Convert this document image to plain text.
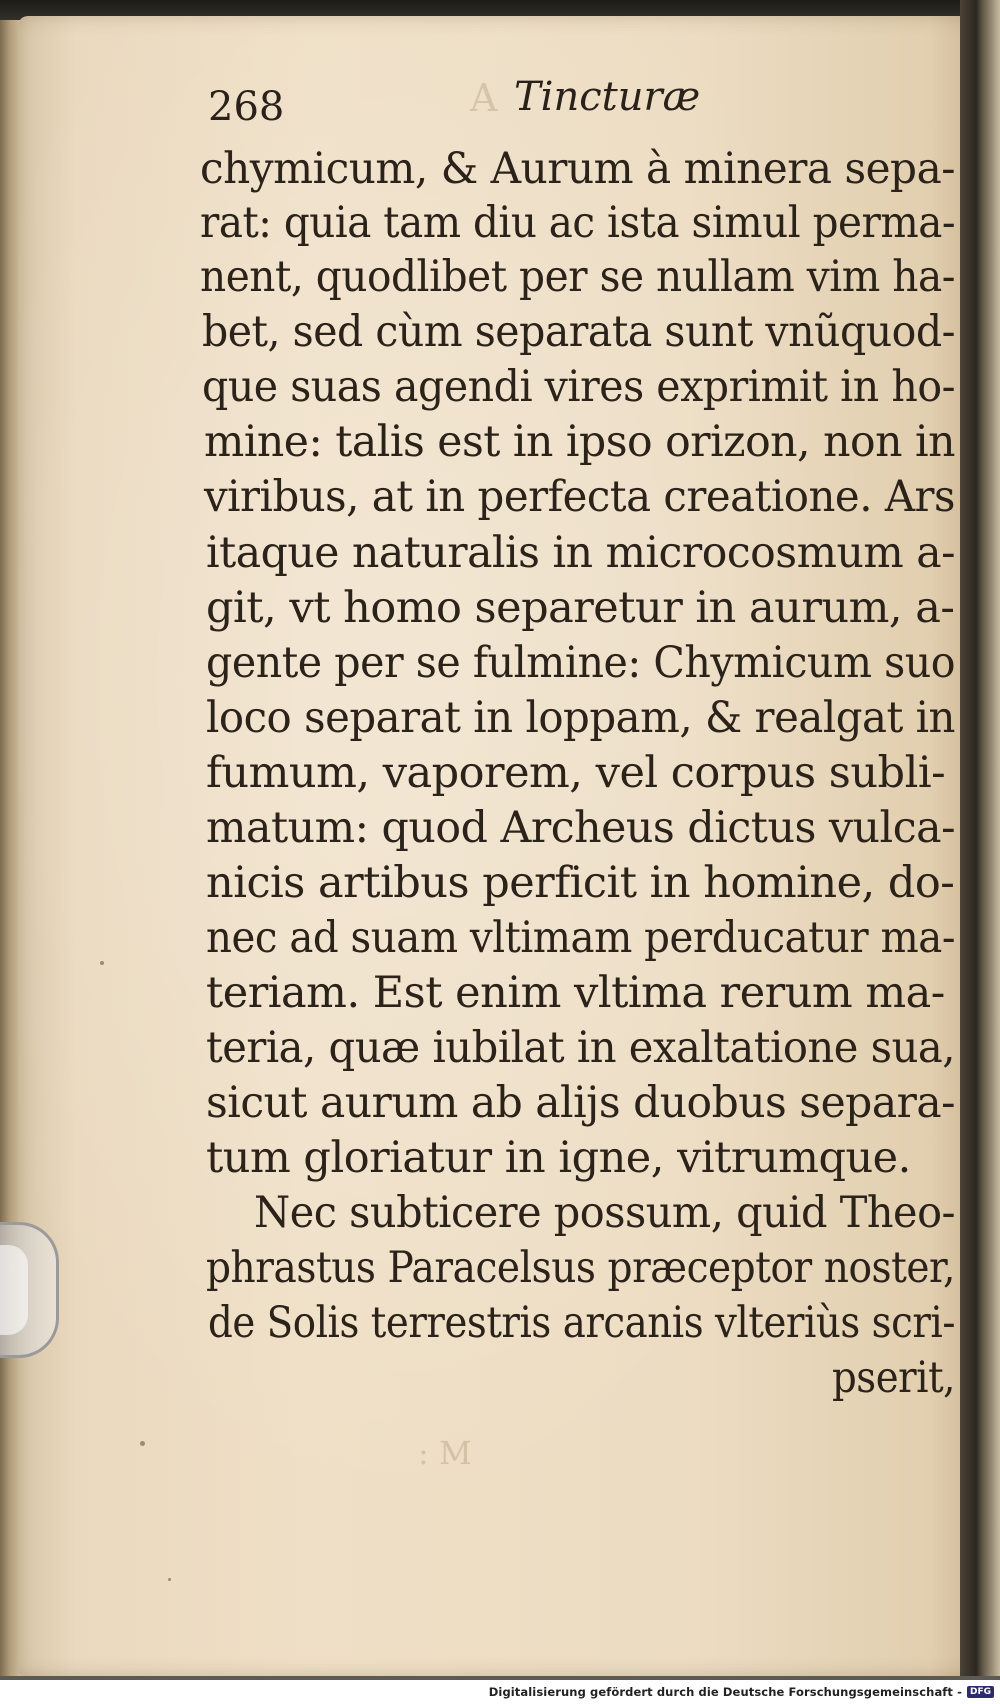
A
268	Tincturæ
chymicum, & Aurum à minera sepa-
rat: quia tam diu ac ista simul perma-
nent, quodlibet per se nullam vim ha-
bet, sed cùm separata sunt vnũquod-
que suas agendi vires exprimit in ho-
mine: talis est in ipso orizon, non in
viribus, at in perfecta creatione. Ars
itaque naturalis in microcosmum a-
git, vt homo separetur in aurum, a-
gente per se fulmine: Chymicum suo
loco separat in loppam, & realgat in
fumum, vaporem, vel corpus subli-
matum: quod Archeus dictus vulca-
nicis artibus perficit in homine, do-
nec ad suam vltimam perducatur ma-
teriam. Est enim vltima rerum ma-
teria, quæ iubilat in exaltatione sua,
sicut aurum ab alijs duobus separa-
tum gloriatur in igne, vitrumque.
Nec subticere possum, quid Theo-
phrastus Paracelsus præceptor noster,
de Solis terrestris arcanis vlteriùs scri-
pserit,
: M
Digitalisierung gefördert durch die Deutsche Forschungsgemeinschaft - DFG
